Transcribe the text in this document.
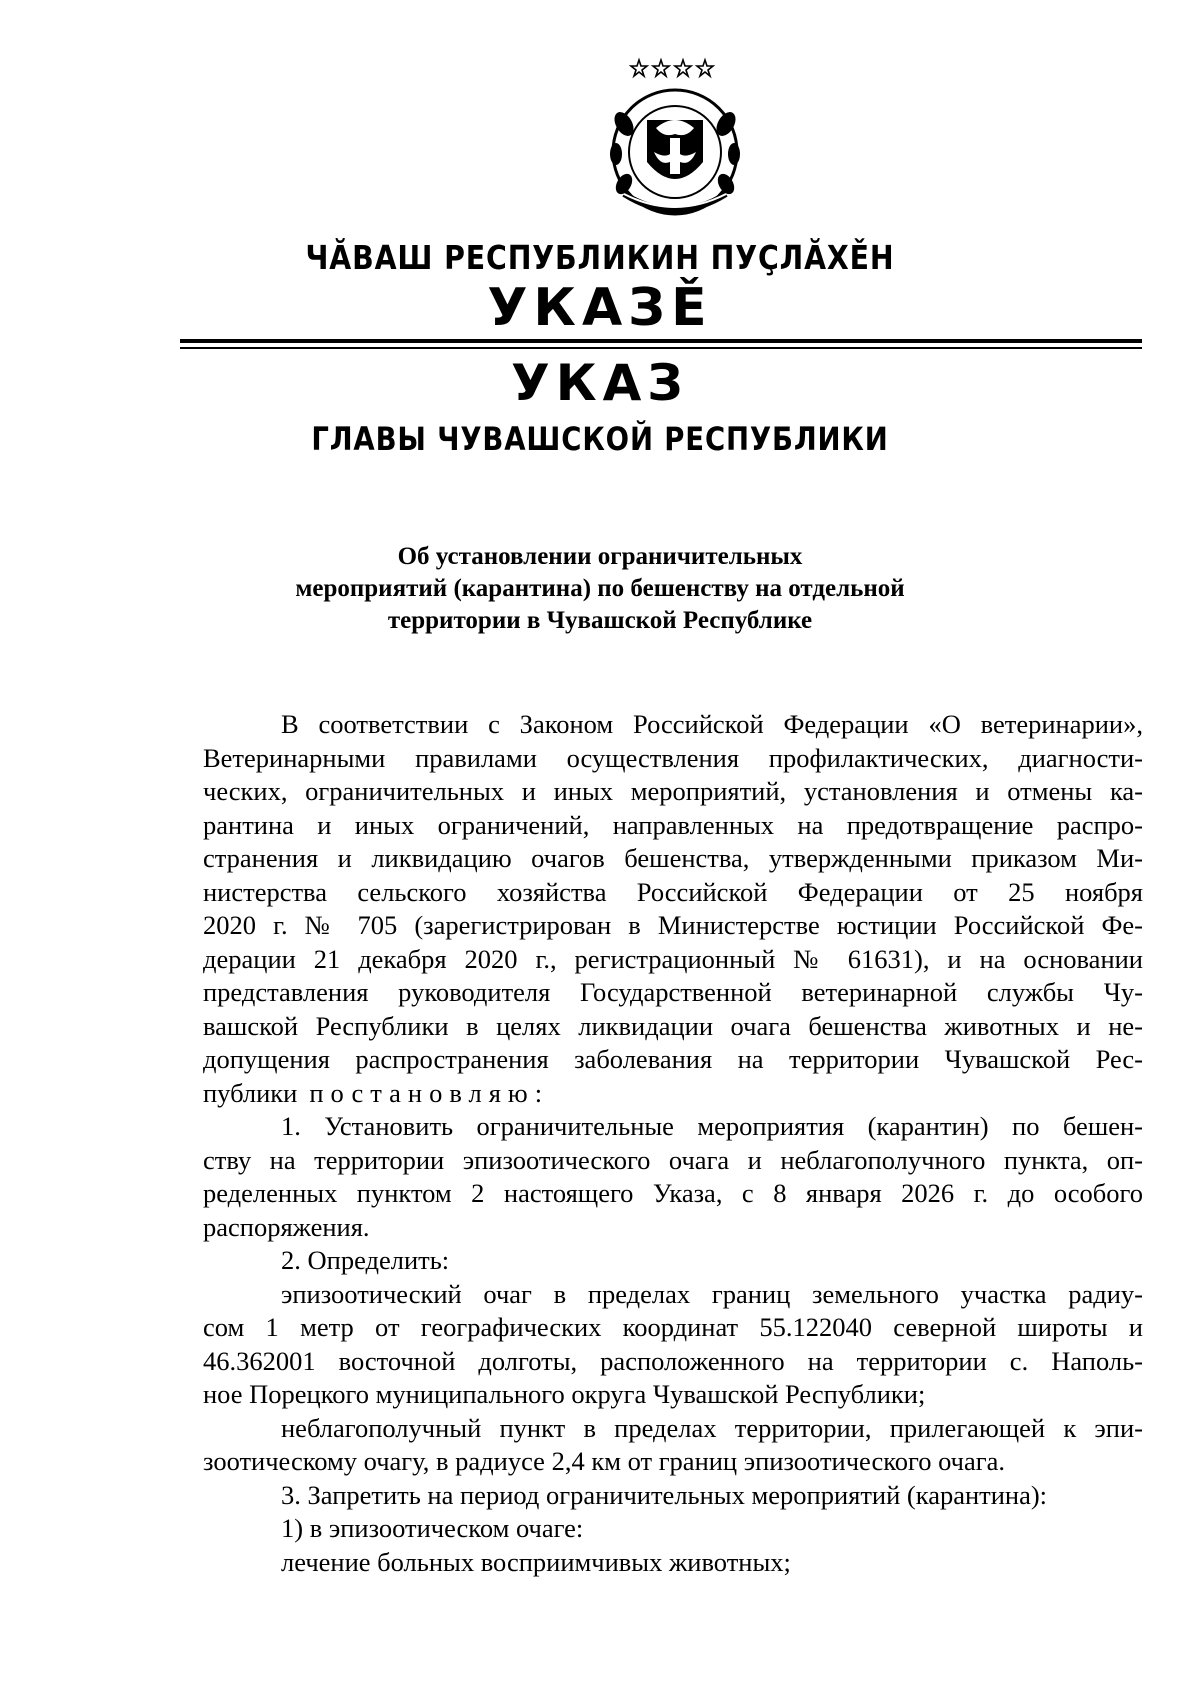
ЧĂВАШ РЕСПУБЛИКИН ПУÇЛĂХĚН
УКАЗĚ
УКАЗ
ГЛАВЫ ЧУВАШСКОЙ РЕСПУБЛИКИ
Об установлении ограничительных
мероприятий (карантина) по бешенству на отдельной
территории в Чувашской Республике
В соответствии с Законом Российской Федерации «О ветеринарии»,
Ветеринарными правилами осуществления профилактических, диагности-
ческих, ограничительных и иных мероприятий, установления и отмены ка-
рантина и иных ограничений, направленных на предотвращение распро-
странения и ликвидацию очагов бешенства, утвержденными приказом Ми-
нистерства сельского хозяйства Российской Федерации от 25 ноября
2020 г. № 705 (зарегистрирован в Министерстве юстиции Российской Фе-
дерации 21 декабря 2020 г., регистрационный № 61631), и на основании
представления руководителя Государственной ветеринарной службы Чу-
вашской Республики в целях ликвидации очага бешенства животных и не-
допущения распространения заболевания на территории Чувашской Рес-
публики постановляю:
1. Установить ограничительные мероприятия (карантин) по бешен-
ству на территории эпизоотического очага и неблагополучного пункта, оп-
ределенных пунктом 2 настоящего Указа, с 8 января 2026 г. до особого
распоряжения.
2. Определить:
эпизоотический очаг в пределах границ земельного участка радиу-
сом 1 метр от географических координат 55.122040 северной широты и
46.362001 восточной долготы, расположенного на территории с. Наполь-
ное Порецкого муниципального округа Чувашской Республики;
неблагополучный пункт в пределах территории, прилегающей к эпи-
зоотическому очагу, в радиусе 2,4 км от границ эпизоотического очага.
3. Запретить на период ограничительных мероприятий (карантина):
1) в эпизоотическом очаге:
лечение больных восприимчивых животных;
